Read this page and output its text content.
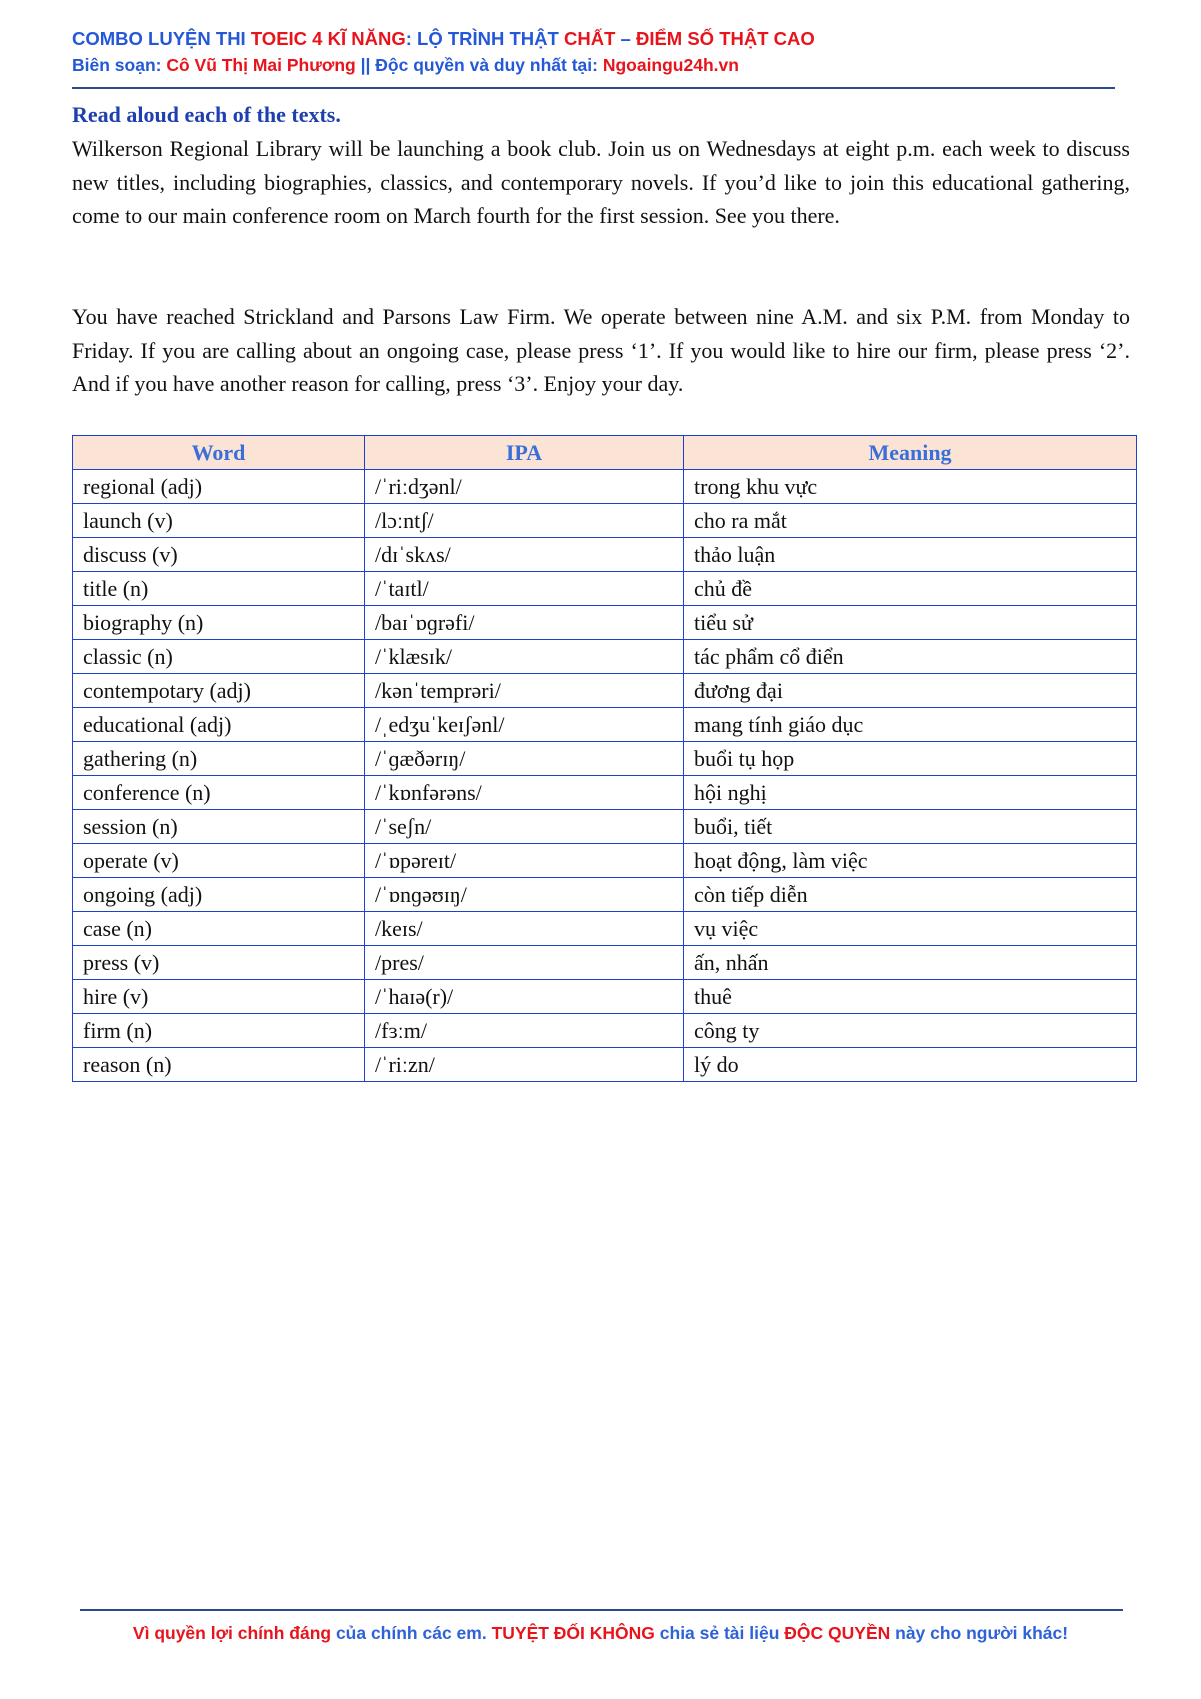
COMBO LUYỆN THI TOEIC 4 KĨ NĂNG: LỘ TRÌNH THẬT CHẤT – ĐIỂM SỐ THẬT CAO
Biên soạn: Cô Vũ Thị Mai Phương || Độc quyền và duy nhất tại: Ngoaingu24h.vn
Read aloud each of the texts.

Wilkerson Regional Library will be launching a book club. Join us on Wednesdays at eight p.m. each week to discuss new titles, including biographies, classics, and contemporary novels. If you’d like to join this educational gathering, come to our main conference room on March fourth for the first session. See you there.

You have reached Strickland and Parsons Law Firm. We operate between nine A.M. and six P.M. from Monday to Friday. If you are calling about an ongoing case, please press ‘1’. If you would like to hire our firm, please press ‘2’. And if you have another reason for calling, press ‘3’. Enjoy your day.

Word	IPA	Meaning
regional (adj)	/ˈriːdʒənl/	trong khu vực
launch (v)	/lɔːntʃ/	cho ra mắt
discuss (v)	/dɪˈskʌs/	thảo luận
title (n)	/ˈtaɪtl/	chủ đề
biography (n)	/baɪˈɒɡrəfi/	tiểu sử
classic (n)	/ˈklæsɪk/	tác phẩm cổ điển
contempotary (adj)	/kənˈtemprəri/	đương đại
educational (adj)	/ˌedʒuˈkeɪʃənl/	mang tính giáo dục
gathering (n)	/ˈɡæðərɪŋ/	buổi tụ họp
conference (n)	/ˈkɒnfərəns/	hội nghị
session (n)	/ˈseʃn/	buổi, tiết
operate (v)	/ˈɒpəreɪt/	hoạt động, làm việc
ongoing (adj)	/ˈɒnɡəʊɪŋ/	còn tiếp diễn
case (n)	/keɪs/	vụ việc
press (v)	/pres/	ấn, nhấn
hire (v)	/ˈhaɪə(r)/	thuê
firm (n)	/fɜːm/	công ty
reason (n)	/ˈriːzn/	lý do
Vì quyền lợi chính đáng của chính các em. TUYỆT ĐỐI KHÔNG chia sẻ tài liệu ĐỘC QUYỀN này cho người khác!
